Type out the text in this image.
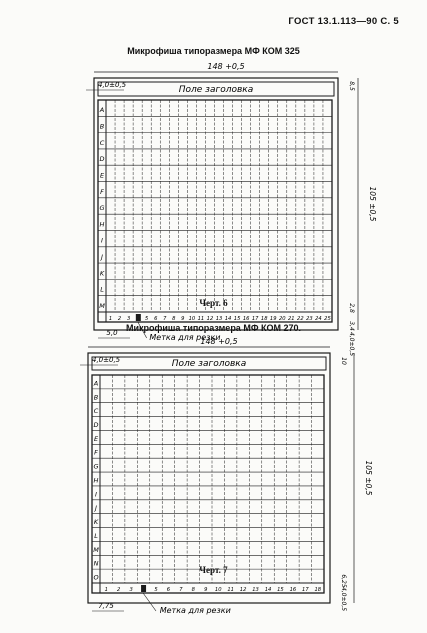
ГОСТ 13.1.113—90 С. 5
Микрофиша типоразмера МФ КОМ 325
Поле заголовка
A
B
C
D
E
F
G
H
I
J
K
L
M
1 2 3	5 6 7 8 9 10 11 12 13 14 15 16 17 18 19 20 21 22 23 24 25
148 +0,5
4,0±0,5
105 ±0,5
8,5
2,8
3,4
4,0±0,5
5,0	Метка для резки
Черт. 6
Микрофиша типоразмера МФ КОМ 270.
Поле заголовка
A
B
C
D
E
F
G
H
I
J
K
L
M
N
O
1 2 3	5 6 7 8 9 10 11 12 13 14 15 16 17 18
148 +0,5
4,0±0,5
105 ±0,5
10
6,25
4,0±0,5
7,75	Метка для резки
Черт. 7
